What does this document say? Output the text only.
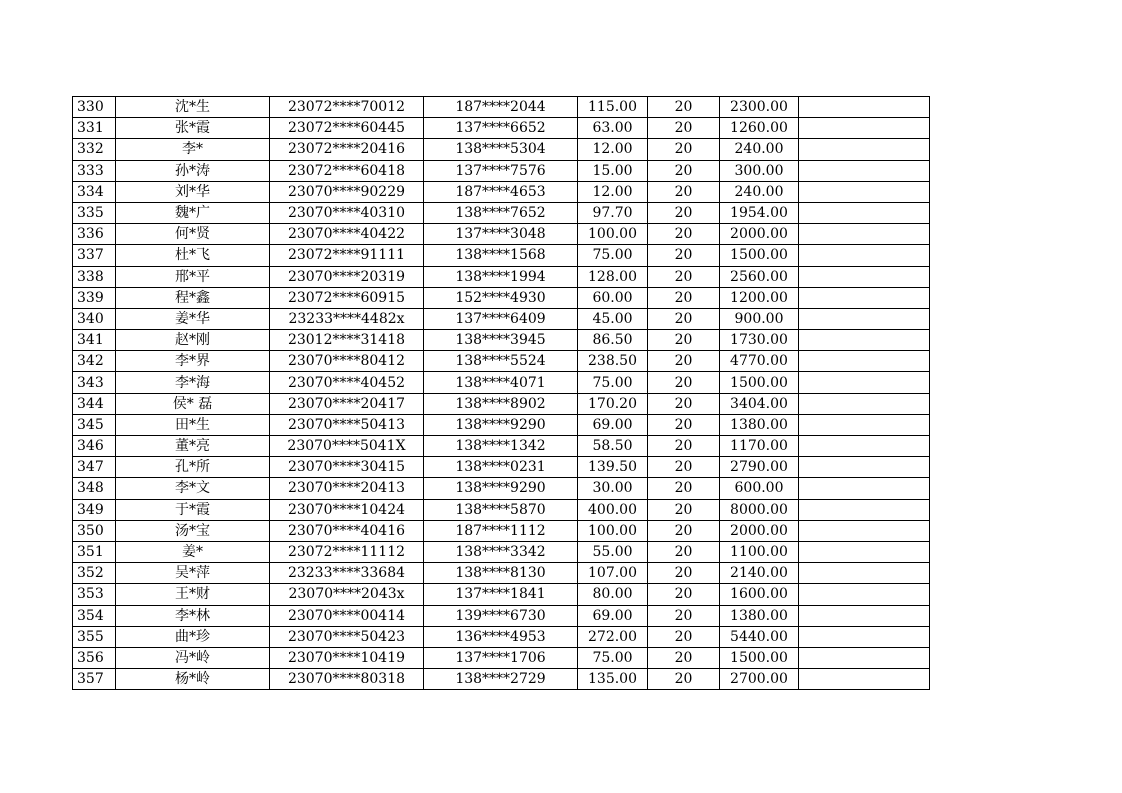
330	沈*生	23072****70012	187****2044	115.00	20	2300.00	
331	张*霞	23072****60445	137****6652	63.00	20	1260.00	
332	李*	23072****20416	138****5304	12.00	20	240.00	
333	孙*涛	23072****60418	137****7576	15.00	20	300.00	
334	刘*华	23070****90229	187****4653	12.00	20	240.00	
335	魏*广	23070****40310	138****7652	97.70	20	1954.00	
336	何*贤	23070****40422	137****3048	100.00	20	2000.00	
337	杜*飞	23072****91111	138****1568	75.00	20	1500.00	
338	邢*平	23070****20319	138****1994	128.00	20	2560.00	
339	程*鑫	23072****60915	152****4930	60.00	20	1200.00	
340	姜*华	23233****4482x	137****6409	45.00	20	900.00	
341	赵*刚	23012****31418	138****3945	86.50	20	1730.00	
342	李*界	23070****80412	138****5524	238.50	20	4770.00	
343	李*海	23070****40452	138****4071	75.00	20	1500.00	
344	侯* 磊	23070****20417	138****8902	170.20	20	3404.00	
345	田*生	23070****50413	138****9290	69.00	20	1380.00	
346	董*亮	23070****5041X	138****1342	58.50	20	1170.00	
347	孔*所	23070****30415	138****0231	139.50	20	2790.00	
348	李*文	23070****20413	138****9290	30.00	20	600.00	
349	于*霞	23070****10424	138****5870	400.00	20	8000.00	
350	汤*宝	23070****40416	187****1112	100.00	20	2000.00	
351	姜*	23072****11112	138****3342	55.00	20	1100.00	
352	吴*萍	23233****33684	138****8130	107.00	20	2140.00	
353	王*财	23070****2043x	137****1841	80.00	20	1600.00	
354	李*林	23070****00414	139****6730	69.00	20	1380.00	
355	曲*珍	23070****50423	136****4953	272.00	20	5440.00	
356	冯*岭	23070****10419	137****1706	75.00	20	1500.00	
357	杨*岭	23070****80318	138****2729	135.00	20	2700.00	
